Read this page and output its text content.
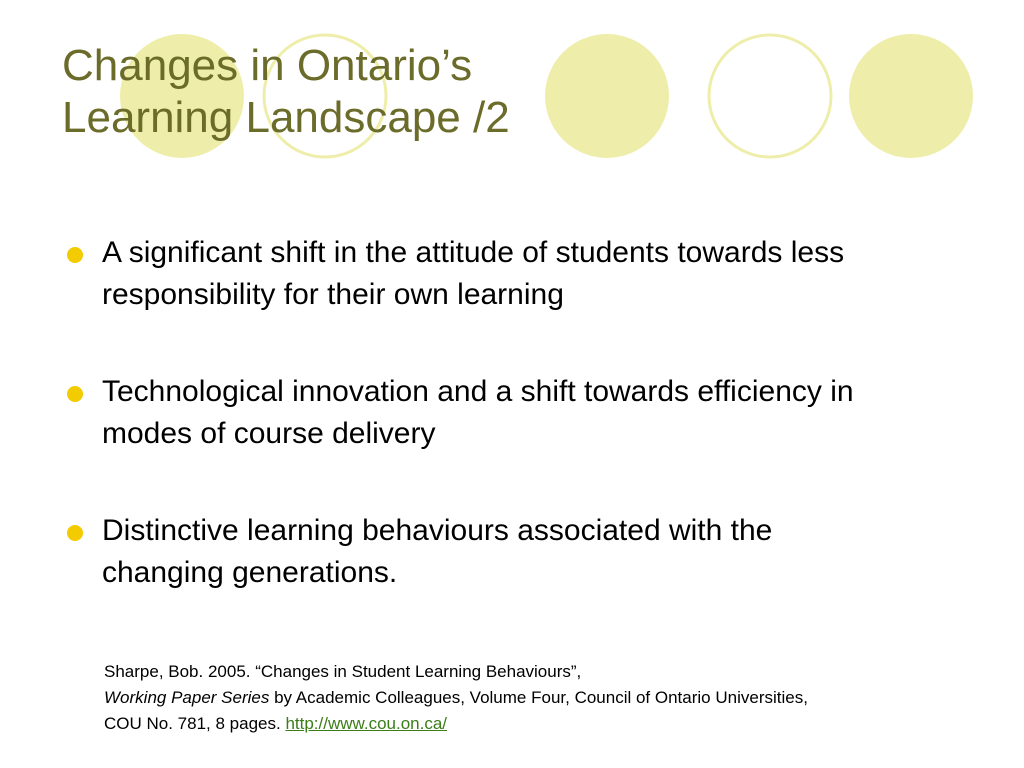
Changes in Ontario’s
Learning Landscape /2
A significant shift in the attitude of students towards less
responsibility for their own learning
Technological innovation and a shift towards efficiency in
modes of course delivery
Distinctive learning behaviours associated with the
changing generations.

Sharpe, Bob. 2005. “Changes in Student Learning Behaviours”,
Working Paper Series by Academic Colleagues, Volume Four, Council of Ontario Universities,
COU No. 781, 8 pages. http://www.cou.on.ca/
